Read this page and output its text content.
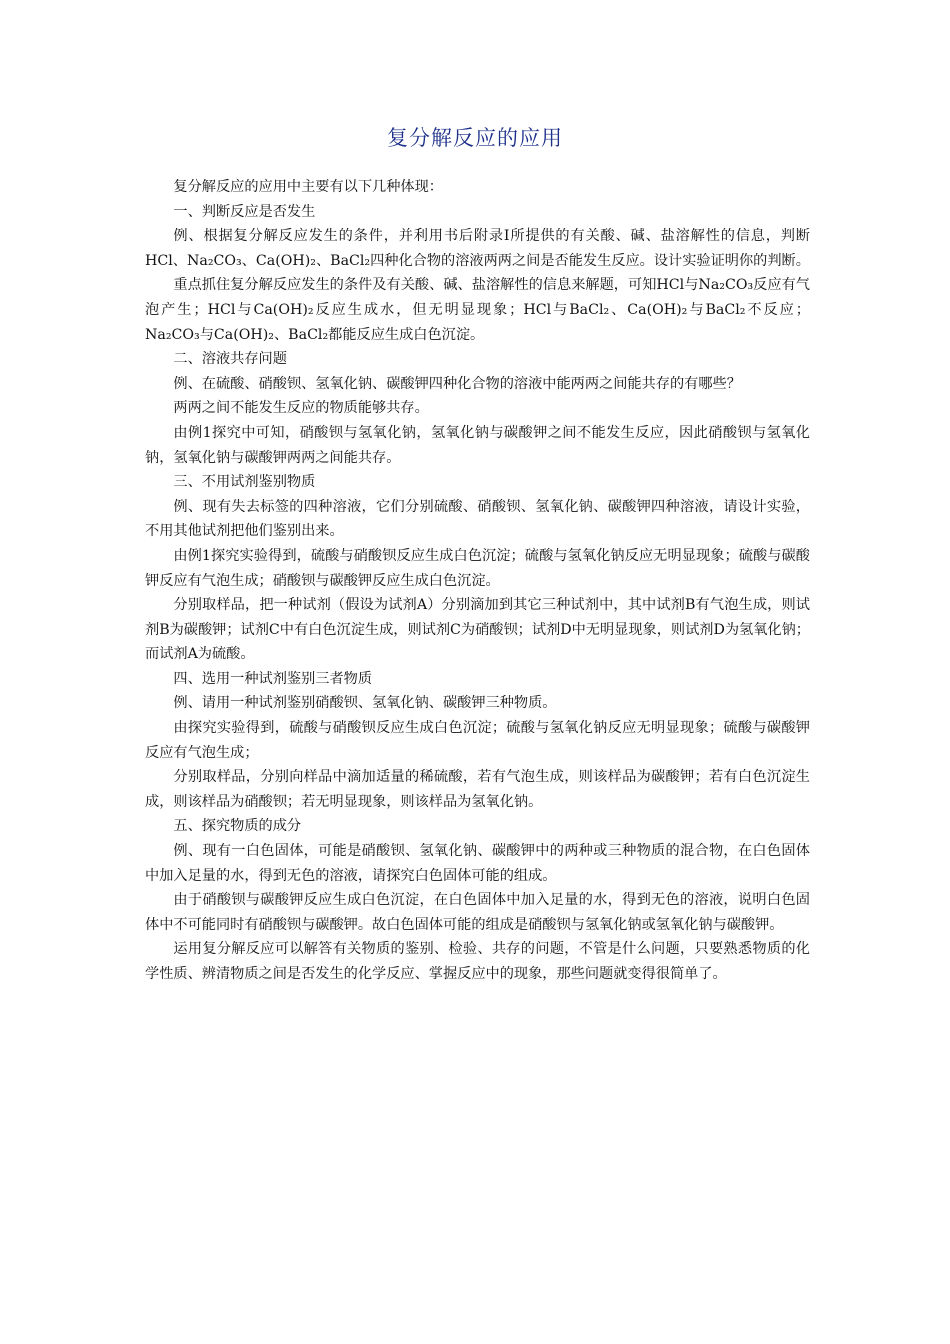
复分解反应的应用

复分解反应的应用中主要有以下几种体现：

一、判断反应是否发生

例、根据复分解反应发生的条件，并利用书后附录I所提供的有关酸、碱、盐溶解性的信息，判断HCl、Na₂CO₃、Ca(OH)₂、BaCl₂四种化合物的溶液两两之间是否能发生反应。设计实验证明你的判断。

重点抓住复分解反应发生的条件及有关酸、碱、盐溶解性的信息来解题，可知HCl与Na₂CO₃反应有气泡产生；HCl与Ca(OH)₂反应生成水，但无明显现象；HCl与BaCl₂、Ca(OH)₂与BaCl₂不反应；Na₂CO₃与Ca(OH)₂、BaCl₂都能反应生成白色沉淀。

二、溶液共存问题

例、在硫酸、硝酸钡、氢氧化钠、碳酸钾四种化合物的溶液中能两两之间能共存的有哪些？

两两之间不能发生反应的物质能够共存。

由例1探究中可知，硝酸钡与氢氧化钠，氢氧化钠与碳酸钾之间不能发生反应，因此硝酸钡与氢氧化钠，氢氧化钠与碳酸钾两两之间能共存。

三、不用试剂鉴别物质

例、现有失去标签的四种溶液，它们分别硫酸、硝酸钡、氢氧化钠、碳酸钾四种溶液，请设计实验，不用其他试剂把他们鉴别出来。

由例1探究实验得到，硫酸与硝酸钡反应生成白色沉淀；硫酸与氢氧化钠反应无明显现象；硫酸与碳酸钾反应有气泡生成；硝酸钡与碳酸钾反应生成白色沉淀。

分别取样品，把一种试剂（假设为试剂A）分别滴加到其它三种试剂中，其中试剂B有气泡生成，则试剂B为碳酸钾；试剂C中有白色沉淀生成，则试剂C为硝酸钡；试剂D中无明显现象，则试剂D为氢氧化钠；而试剂A为硫酸。

四、选用一种试剂鉴别三者物质

例、请用一种试剂鉴别硝酸钡、氢氧化钠、碳酸钾三种物质。

由探究实验得到，硫酸与硝酸钡反应生成白色沉淀；硫酸与氢氧化钠反应无明显现象；硫酸与碳酸钾反应有气泡生成；

分别取样品，分别向样品中滴加适量的稀硫酸，若有气泡生成，则该样品为碳酸钾；若有白色沉淀生成，则该样品为硝酸钡；若无明显现象，则该样品为氢氧化钠。

五、探究物质的成分

例、现有一白色固体，可能是硝酸钡、氢氧化钠、碳酸钾中的两种或三种物质的混合物，在白色固体中加入足量的水，得到无色的溶液，请探究白色固体可能的组成。

由于硝酸钡与碳酸钾反应生成白色沉淀，在白色固体中加入足量的水，得到无色的溶液，说明白色固体中不可能同时有硝酸钡与碳酸钾。故白色固体可能的组成是硝酸钡与氢氧化钠或氢氧化钠与碳酸钾。

运用复分解反应可以解答有关物质的鉴别、检验、共存的问题，不管是什么问题，只要熟悉物质的化学性质、辨清物质之间是否发生的化学反应、掌握反应中的现象，那些问题就变得很简单了。
